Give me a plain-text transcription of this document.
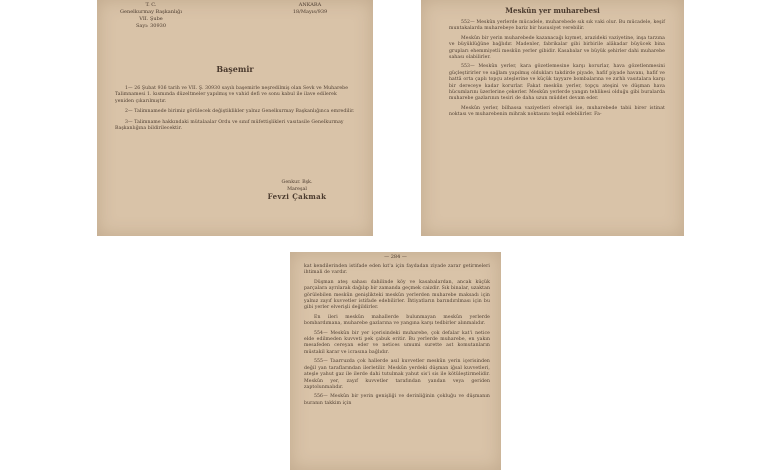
T. C.
Genelkurmay Başkanlığı
VII. Şube
Sayı: 30930
ANKARA
18/Mayıs/939
Başemir

1— 26 Şubat 936 tarih ve VII. Ş. 30930 sayılı başemirle neşredilmiş olan Sevk ve Muharebe Talimnamesi 1. kısmında düzeltmeler yapılmış ve vahid defi ve sonu kabul ile ilave edilerek yeniden çıkarılmıştır.

2— Talimnamede birimiz görülecek değiştiklikler yalnız Genelkurmay Başkanlığınca emredilir.

3— Talimname hakkındaki mütalaalar Ordu ve sınıf müfettişlikleri vasıtasile Genelkurmay Başkanlığına bildirilecektir.

Genkur. Bşk.
Mareşal
Fevzi Çakmak
Meskûn yer muharebesi

552— Meskûn yerlerde mücadele, muharebede sık sık vaki olur. Bu mücadele, keşif muntakalarda muharebeye bariz bir hususiyet verebilir.

Meskûn bir yerin muharebede kazanacağı kıymet, arazideki vaziyetine, inşa tarzına ve büyüklüğüne bağlıdır. Madenler, fabrikalar gibi birbirile alâkadar büyücek bina grupları ehemmiyetli meskûn yerler gibidir. Kasabalar ve büyük şehirler dahi muharebe sahası olabilirler.

553— Meskûn yerler, kara gözetlemesine karşı korurlar, hava gözetlenmesini güçleştirirler ve sağlam yapılmış oldukları takdirde piyade, hafif piyade havanı, hafif ve hattâ orta çaplı topçu ateşlerine ve küçük tayyare bombalarına ve zırhlı vasıtalara karşı bir dereceye kadar korurlar. Fakat meskûn yerler, topçu ateşini ve düşman hava hücumlarını üzerlerine çekerler. Meskûn yerlerde yangın tehlikesi olduğu gibi buralarda muharebe gazlarının tesiri de daha uzun müddet devam eder.

Meskûn yerler, bilhassa vaziyetleri elverişli ise, muharebede tabii birer istinat noktası ve muharebenin mihrak noktasını teşkil edebilirler. Fa-

— 284 —

kat kendilerinden istifade eden kıt'a için faydadan ziyade zarar getirmeleri ihtimali de vardır.

Düşman ateş sahası dahilinde köy ve kasabalardan, ancak küçük parçalara ayrılarak dağılıp bir zamanda geçmek caizdir. Sık binalar, uzaktan görülebilen meskûn genişlikteki meskûn yerlerden muharebe maksadı için yalnız zayıf kuvvetler istifade edebilirler. İhtiyatların barındırılması için bu gibi yerler elverişli değildirler.

En ileri meskûn mahallerde bulunmayan meskûn yerlerde bombardımana, muharebe gazlarına ve yangına karşı tedbirler alınmalıdır.

554— Meskûn bir yer içerisindeki muharebe, çok defalar kat'i netice elde edilmeden kuvveti pek çabuk eritir. Bu yerlerde muharebe, en yakın mesafeden cereyan eder ve netices umumi surette ast komutanların müstakil karar ve icrasına bağlıdır.

555— Taarruzda çok hallerde asıl kuvvetler meskûn yerin içerisinden değil yan taraflarından ilerletilir. Meskûn yerdeki düşman iğsal kuvvetleri, ateşle yahut gaz ile ilerde dahi tutulmak yahut sis'i sis ile kötüleştirmelidir. Meskûn yer, zayıf kuvvetler tarafından yandan veya geriden zaptolunmalıdır.

556— Meskûn bir yerin genişliği ve derinliğinin çokluğu ve düşmanın buranın takkim için
